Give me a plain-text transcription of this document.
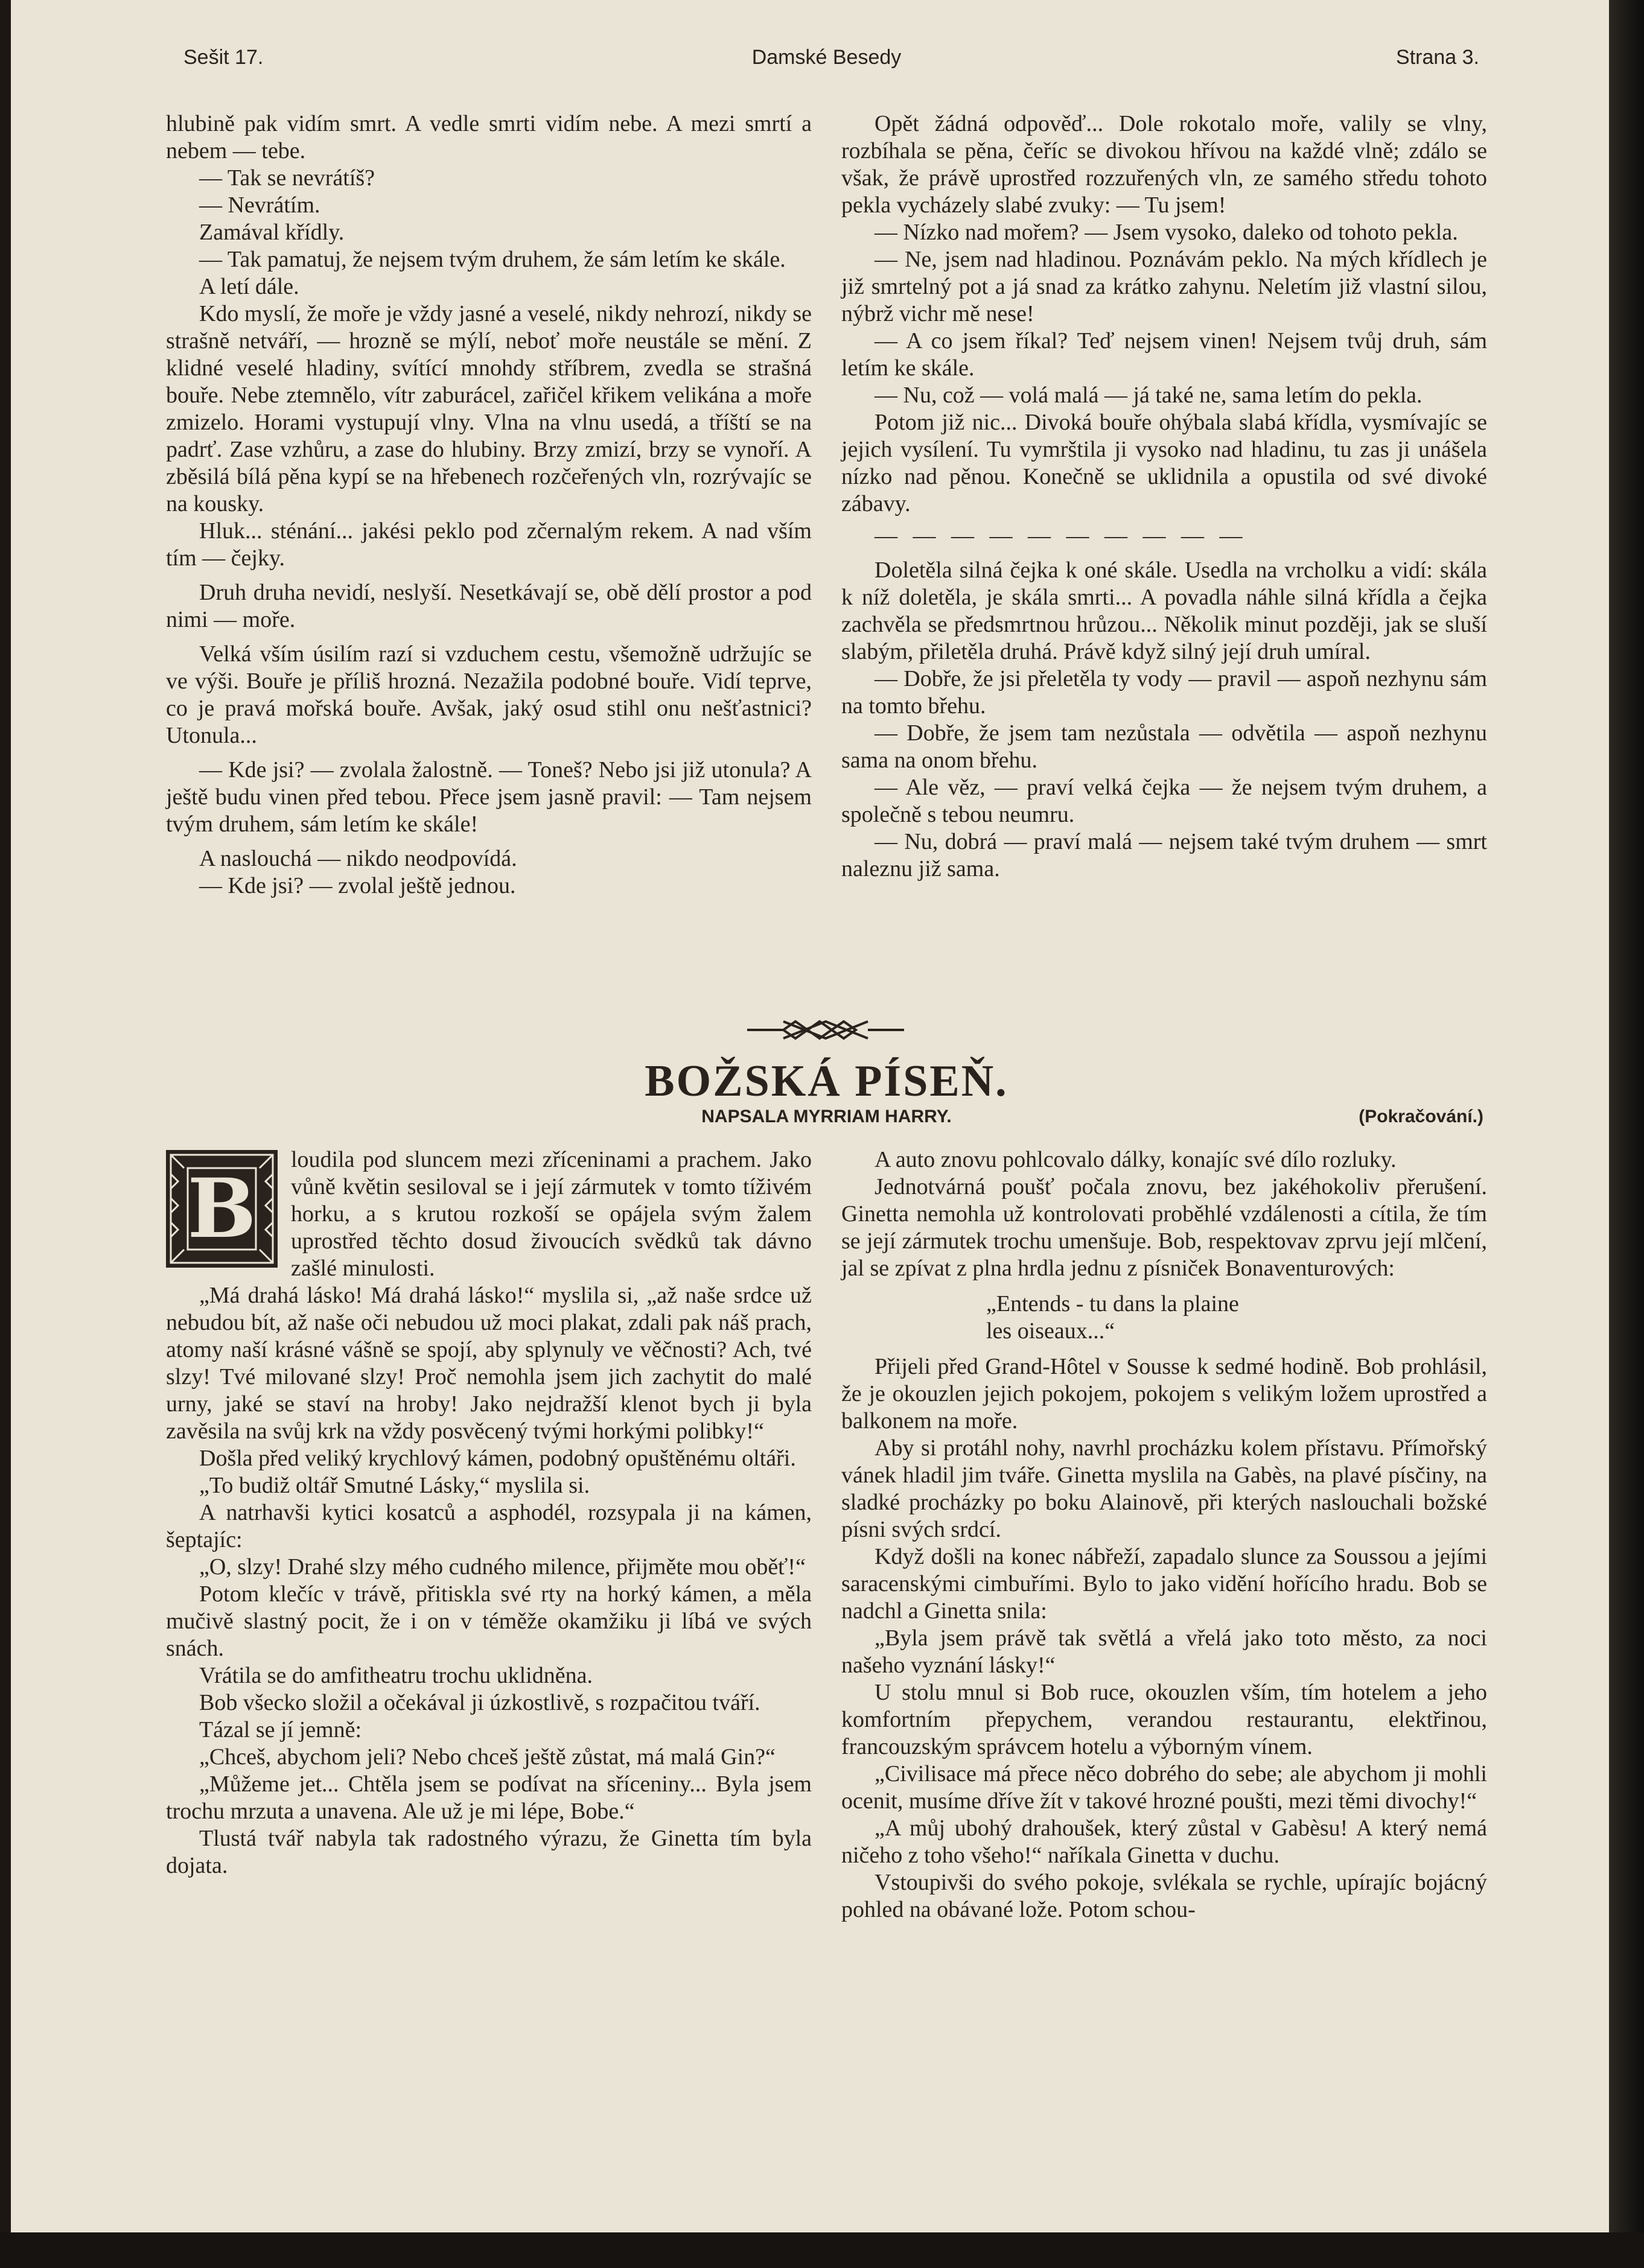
Sešit 17.	Damské Besedy	Strana 3.

hlubině pak vidím smrt. A vedle smrti vidím nebe. A mezi smrtí a nebem — tebe.

— Tak se nevrátíš?

— Nevrátím.

Zamával křídly.

— Tak pamatuj, že nejsem tvým druhem, že sám letím ke skále.

A letí dále.

Kdo myslí, že moře je vždy jasné a veselé, nikdy nehrozí, nikdy se strašně netváří, — hrozně se mýlí, neboť moře neustále se mění. Z klidné veselé hladiny, svítící mnohdy stříbrem, zvedla se strašná bouře. Nebe ztemnělo, vítr zaburácel, zařičel křikem velikána a moře zmizelo. Horami vystupují vlny. Vlna na vlnu usedá, a tříští se na padrť. Zase vzhůru, a zase do hlubiny. Brzy zmizí, brzy se vynoří. A zběsilá bílá pěna kypí se na hřebenech rozčeřených vln, rozrývajíc se na kousky.

Hluk... sténání... jakési peklo pod zčernalým rekem. A nad vším tím — čejky.

Druh druha nevidí, neslyší. Nesetkávají se, obě dělí prostor a pod nimi — moře.

Velká vším úsilím razí si vzduchem cestu, všemožně udržujíc se ve výši. Bouře je příliš hrozná. Nezažila podobné bouře. Vidí teprve, co je pravá mořská bouře. Avšak, jaký osud stihl onu nešťastnici? Utonula...

— Kde jsi? — zvolala žalostně. — Toneš? Nebo jsi již utonula? A ještě budu vinen před tebou. Přece jsem jasně pravil: — Tam nejsem tvým druhem, sám letím ke skále!

A naslouchá — nikdo neodpovídá.

— Kde jsi? — zvolal ještě jednou.

Opět žádná odpověď... Dole rokotalo moře, valily se vlny, rozbíhala se pěna, čeříc se divokou hřívou na každé vlně; zdálo se však, že právě uprostřed rozzuřených vln, ze samého středu tohoto pekla vycházely slabé zvuky: — Tu jsem!

— Nízko nad mořem? — Jsem vysoko, daleko od tohoto pekla.

— Ne, jsem nad hladinou. Poznávám peklo. Na mých křídlech je již smrtelný pot a já snad za krátko zahynu. Neletím již vlastní silou, nýbrž vichr mě nese!

— A co jsem říkal? Teď nejsem vinen! Nejsem tvůj druh, sám letím ke skále.

— Nu, což — volá malá — já také ne, sama letím do pekla.

Potom již nic... Divoká bouře ohýbala slabá křídla, vysmívajíc se jejich vysílení. Tu vymrštila ji vysoko nad hladinu, tu zas ji unášela nízko nad pěnou. Konečně se uklidnila a opustila od své divoké zábavy.

— — — — — — — — — —

Doletěla silná čejka k oné skále. Usedla na vrcholku a vidí: skála k níž doletěla, je skála smrti... A povadla náhle silná křídla a čejka zachvěla se předsmrtnou hrůzou... Několik minut později, jak se sluší slabým, přiletěla druhá. Právě když silný její druh umíral.

— Dobře, že jsi přeletěla ty vody — pravil — aspoň nezhynu sám na tomto břehu.

— Dobře, že jsem tam nezůstala — odvětila — aspoň nezhynu sama na onom břehu.

— Ale věz, — praví velká čejka — že nejsem tvým druhem, a společně s tebou neumru.

— Nu, dobrá — praví malá — nejsem také tvým druhem — smrt naleznu již sama.

BOŽSKÁ PÍSEŇ.
NAPSALA MYRRIAM HARRY.	(Pokračování.)
B

loudila pod sluncem mezi zříceninami a prachem. Jako vůně květin sesiloval se i její zármutek v tomto tíživém horku, a s krutou rozkoší se opájela svým žalem uprostřed těchto dosud živoucích svědků tak dávno zašlé minulosti.

„Má drahá lásko! Má drahá lásko!“ myslila si, „až naše srdce už nebudou bít, až naše oči nebudou už moci plakat, zdali pak náš prach, atomy naší krásné vášně se spojí, aby splynuly ve věčnosti? Ach, tvé slzy! Tvé milované slzy! Proč nemohla jsem jich zachytit do malé urny, jaké se staví na hroby! Jako nejdražší klenot bych ji byla zavěsila na svůj krk na vždy posvěcený tvými horkými polibky!“

Došla před veliký krychlový kámen, podobný opuštěnému oltáři.

„To budiž oltář Smutné Lásky,“ myslila si.

A natrhavši kytici kosatců a asphodél, rozsypala ji na kámen, šeptajíc:

„O, slzy! Drahé slzy mého cudného milence, přijměte mou oběť!“

Potom klečíc v trávě, přitiskla své rty na horký kámen, a měla mučivě slastný pocit, že i on v téměže okamžiku ji líbá ve svých snách.

Vrátila se do amfitheatru trochu uklidněna.

Bob všecko složil a očekával ji úzkostlivě, s rozpačitou tváří.

Tázal se jí jemně:

„Chceš, abychom jeli? Nebo chceš ještě zůstat, má malá Gin?“

„Můžeme jet... Chtěla jsem se podívat na sříceniny... Byla jsem trochu mrzuta a unavena. Ale už je mi lépe, Bobe.“

Tlustá tvář nabyla tak radostného výrazu, že Ginetta tím byla dojata.

A auto znovu pohlcovalo dálky, konajíc své dílo rozluky.

Jednotvárná poušť počala znovu, bez jakéhokoliv přerušení. Ginetta nemohla už kontrolovati proběhlé vzdálenosti a cítila, že tím se její zármutek trochu umenšuje. Bob, respektovav zprvu její mlčení, jal se zpívat z plna hrdla jednu z písniček Bonaventurových:

„Entends - tu dans la plaine

les oiseaux...“

Přijeli před Grand-Hôtel v Sousse k sedmé hodině. Bob prohlásil, že je okouzlen jejich pokojem, pokojem s velikým ložem uprostřed a balkonem na moře.

Aby si protáhl nohy, navrhl procházku kolem přístavu. Přímořský vánek hladil jim tváře. Ginetta myslila na Gabès, na plavé písčiny, na sladké procházky po boku Alainově, při kterých naslouchali božské písni svých srdcí.

Když došli na konec nábřeží, zapadalo slunce za Soussou a jejími saracenskými cimbuřími. Bylo to jako vidění hořícího hradu. Bob se nadchl a Ginetta snila:

„Byla jsem právě tak světlá a vřelá jako toto město, za noci našeho vyznání lásky!“

U stolu mnul si Bob ruce, okouzlen vším, tím hotelem a jeho komfortním přepychem, verandou restaurantu, elektřinou, francouzským správcem hotelu a výborným vínem.

„Civilisace má přece něco dobrého do sebe; ale abychom ji mohli ocenit, musíme dříve žít v takové hrozné poušti, mezi těmi divochy!“

„A můj ubohý drahoušek, který zůstal v Gabèsu! A který nemá ničeho z toho všeho!“ naříkala Ginetta v duchu.

Vstoupivši do svého pokoje, svlékala se rychle, upírajíc bojácný pohled na obávané lože. Potom schou-
